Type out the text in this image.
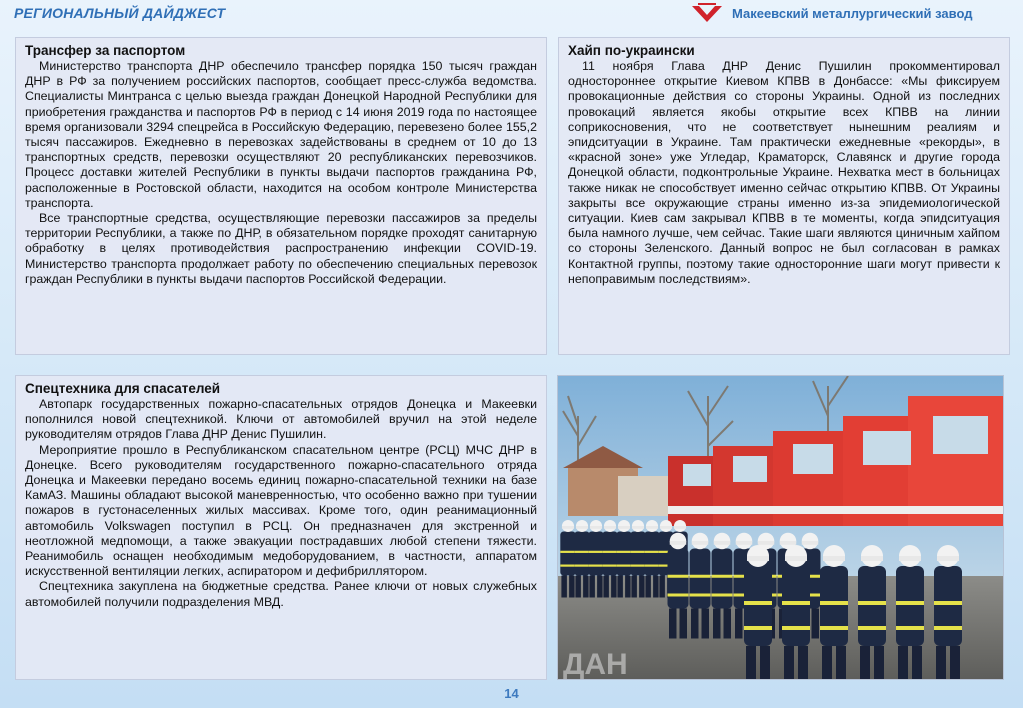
РЕГИОНАЛЬНЫЙ ДАЙДЖЕСТ	Макеевский металлургический завод
Трансфер за паспортом

Министерство транспорта ДНР обеспечило трансфер порядка 150 тысяч граждан ДНР в РФ за получением российских паспортов, сообщает пресс-служба ведомства. Специалисты Минтранса с целью выезда граждан Донецкой Народной Республики для приобретения гражданства и паспортов РФ в период с 14 июня 2019 года по настоящее время организовали 3294 спецрейса в Российскую Федерацию, перевезено более 155,2 тысяч пассажиров. Ежедневно в перевозках задействованы в среднем от 10 до 13 транспортных средств, перевозки осуществляют 20 республиканских перевозчиков. Процесс доставки жителей Республики в пункты выдачи паспортов гражданина РФ, расположенные в Ростовской области, находится на особом контроле Министерства транспорта.

Все транспортные средства, осуществляющие перевозки пассажиров за пределы территории Республики, а также по ДНР, в обязательном порядке проходят санитарную обработку в целях противодействия распространению инфекции COVID-19. Министерство транспорта продолжает работу по обеспечению специальных перевозок граждан Республики в пункты выдачи паспортов Российской Федерации.

Хайп по-украински

11 ноября Глава ДНР Денис Пушилин прокомментировал одностороннее открытие Киевом КПВВ в Донбассе: «Мы фиксируем провокационные действия со стороны Украины. Одной из последних провокаций является якобы открытие всех КПВВ на линии соприкосновения, что не соответствует нынешним реалиям и эпидситуации в Украине. Там практически ежедневные «рекорды», в «красной зоне» уже Угледар, Краматорск, Славянск и другие города Донецкой области, подконтрольные Украине. Нехватка мест в больницах также никак не способствует именно сейчас открытию КПВВ. От Украины закрыты все окружающие страны именно из-за эпидемиологической ситуации. Киев сам закрывал КПВВ в те моменты, когда эпидситуация была намного лучше, чем сейчас. Такие шаги являются циничным хайпом со стороны Зеленского. Данный вопрос не был согласован в рамках Контактной группы, поэтому такие односторонние шаги могут привести к непоправимым последствиям».

Спецтехника для спасателей

Автопарк государственных пожарно-спасательных отрядов Донецка и Макеевки пополнился новой спецтехникой. Ключи от автомобилей вручил на этой неделе руководителям отрядов Глава ДНР Денис Пушилин.

Мероприятие прошло в Республиканском спасательном центре (РСЦ) МЧС ДНР в Донецке. Всего руководителям государственного пожарно-спасательного отряда Донецка и Макеевки передано восемь единиц пожарно-спасательной техники на базе КамАЗ. Машины обладают высокой маневренностью, что особенно важно при тушении пожаров в густонаселенных жилых массивах. Кроме того, один реанимационный автомобиль Volkswagen поступил в РСЦ. Он предназначен для экстренной и неотложной медпомощи, а также эвакуации пострадавших любой степени тяжести. Реанимобиль оснащен необходимым медоборудованием, в частности, аппаратом искусственной вентиляции легких, аспиратором и дефибриллятором.

Спецтехника закуплена на бюджетные средства. Ранее ключи от новых служебных автомобилей получили подразделения МВД.

ДАН
14
